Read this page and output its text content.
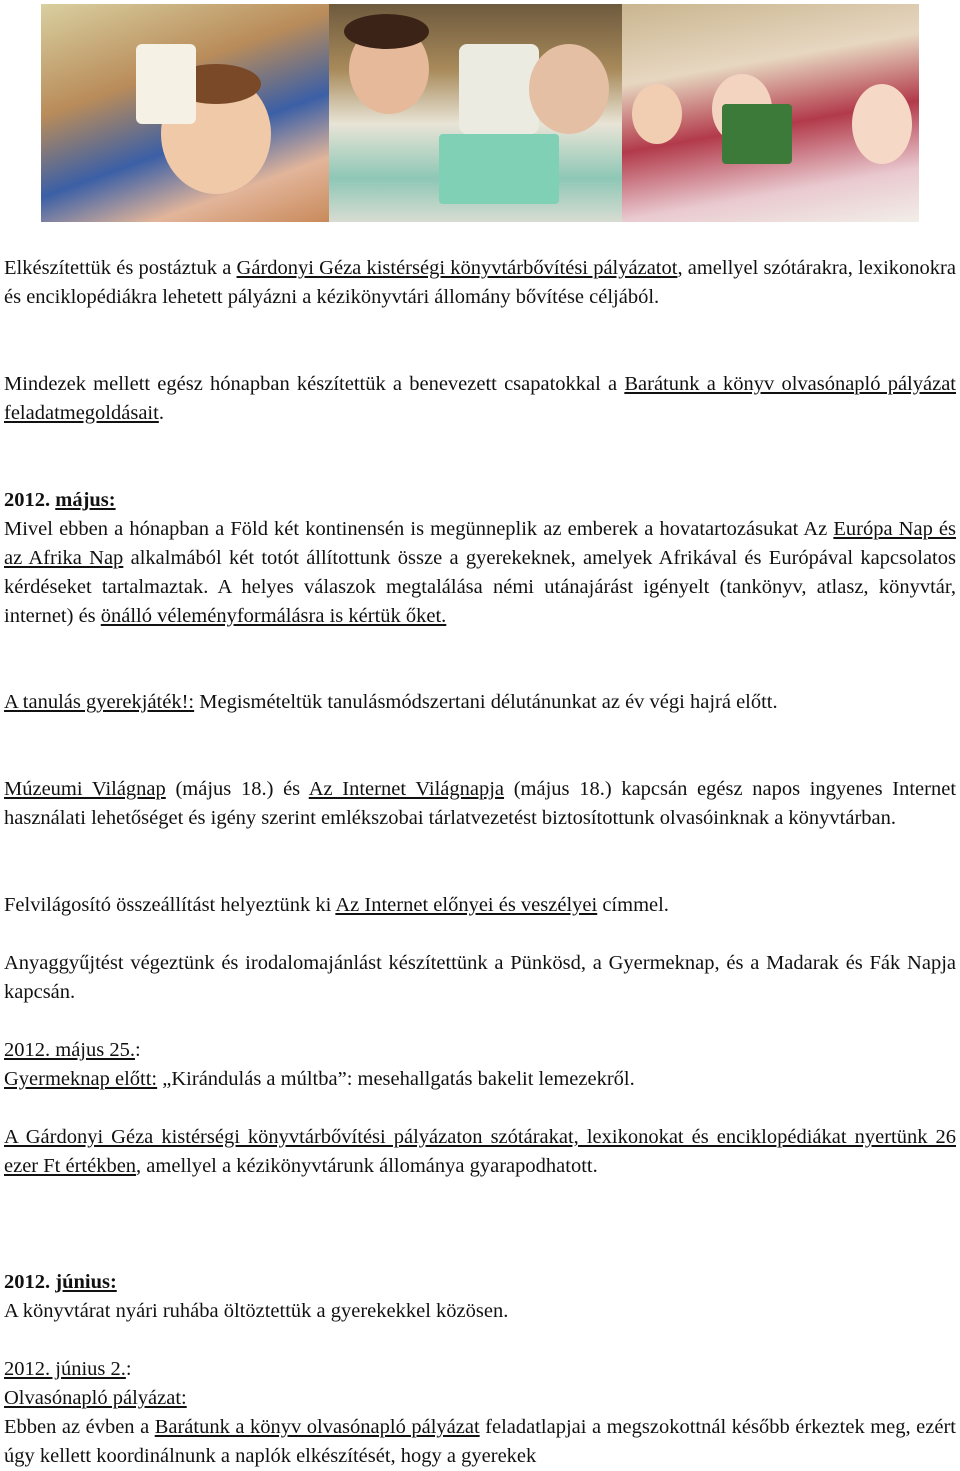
Elkészítettük és postáztuk a Gárdonyi Géza kistérségi könyvtárbővítési pályázatot, amellyel szótárakra, lexikonokra és enciklopédiákra lehetett pályázni a kézikönyvtári állomány bővítése céljából.

Mindezek mellett egész hónapban készítettük a benevezett csapatokkal a Barátunk a könyv olvasónapló pályázat feladatmegoldásait.

2012. május:

Mivel ebben a hónapban a Föld két kontinensén is megünneplik az emberek a hovatartozásukat Az Európa Nap és az Afrika Nap alkalmából két totót állítottunk össze a gyerekeknek, amelyek Afrikával és Európával kapcsolatos kérdéseket tartalmaztak. A helyes válaszok megtalálása némi utánajárást igényelt (tankönyv, atlasz, könyvtár, internet) és önálló véleményformálásra is kértük őket.

A tanulás gyerekjáték!: Megismételtük tanulásmódszertani délutánunkat az év végi hajrá előtt.

Múzeumi Világnap (május 18.) és Az Internet Világnapja (május 18.) kapcsán egész napos ingyenes Internet használati lehetőséget és igény szerint emlékszobai tárlatvezetést biztosítottunk olvasóinknak a könyvtárban.

Felvilágosító összeállítást helyeztünk ki Az Internet előnyei és veszélyei címmel.

Anyaggyűjtést végeztünk és irodalomajánlást készítettünk a Pünkösd, a Gyermeknap, és a Madarak és Fák Napja kapcsán.

2012. május 25.:

Gyermeknap előtt: „Kirándulás a múltba”: mesehallgatás bakelit lemezekről.

A Gárdonyi Géza kistérségi könyvtárbővítési pályázaton szótárakat, lexikonokat és enciklopédiákat nyertünk 26 ezer Ft értékben, amellyel a kézikönyvtárunk állománya gyarapodhatott.

2012. június:

A könyvtárat nyári ruhába öltöztettük a gyerekekkel közösen.

2012. június 2.:

Olvasónapló pályázat:

Ebben az évben a Barátunk a könyv olvasónapló pályázat feladatlapjai a megszokottnál később érkeztek meg, ezért úgy kellett koordinálnunk a naplók elkészítését, hogy a gyerekek
